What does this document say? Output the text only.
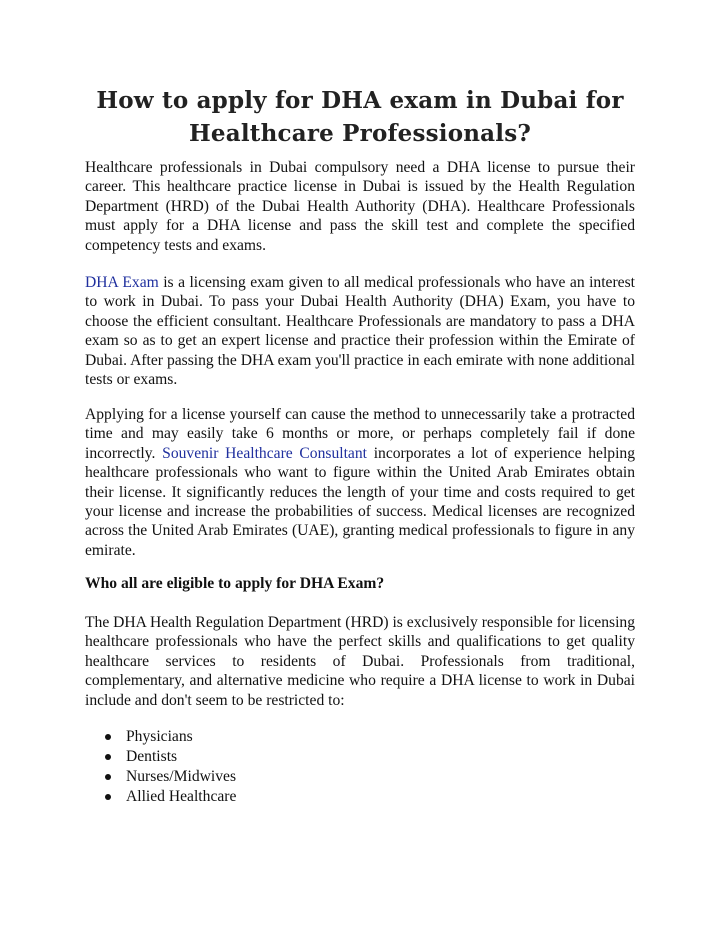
How to apply for DHA exam in Dubai for Healthcare Professionals?

Healthcare professionals in Dubai compulsory need a DHA license to pursue their career. This healthcare practice license in Dubai is issued by the Health Regulation Department (HRD) of the Dubai Health Authority (DHA). Healthcare Professionals must apply for a DHA license and pass the skill test and complete the specified competency tests and exams.

DHA Exam is a licensing exam given to all medical professionals who have an interest to work in Dubai. To pass your Dubai Health Authority (DHA) Exam, you have to choose the efficient consultant. Healthcare Professionals are mandatory to pass a DHA exam so as to get an expert license and practice their profession within the Emirate of Dubai. After passing the DHA exam you'll practice in each emirate with none additional tests or exams.

Applying for a license yourself can cause the method to unnecessarily take a protracted time and may easily take 6 months or more, or perhaps completely fail if done incorrectly. Souvenir Healthcare Consultant incorporates a lot of experience helping healthcare professionals who want to figure within the United Arab Emirates obtain their license. It significantly reduces the length of your time and costs required to get your license and increase the probabilities of success. Medical licenses are recognized across the United Arab Emirates (UAE), granting medical professionals to figure in any emirate.

Who all are eligible to apply for DHA Exam?

The DHA Health Regulation Department (HRD) is exclusively responsible for licensing healthcare professionals who have the perfect skills and qualifications to get quality healthcare services to residents of Dubai. Professionals from traditional, complementary, and alternative medicine who require a DHA license to work in Dubai include and don't seem to be restricted to:

Physicians
Dentists
Nurses/Midwives
Allied Healthcare
